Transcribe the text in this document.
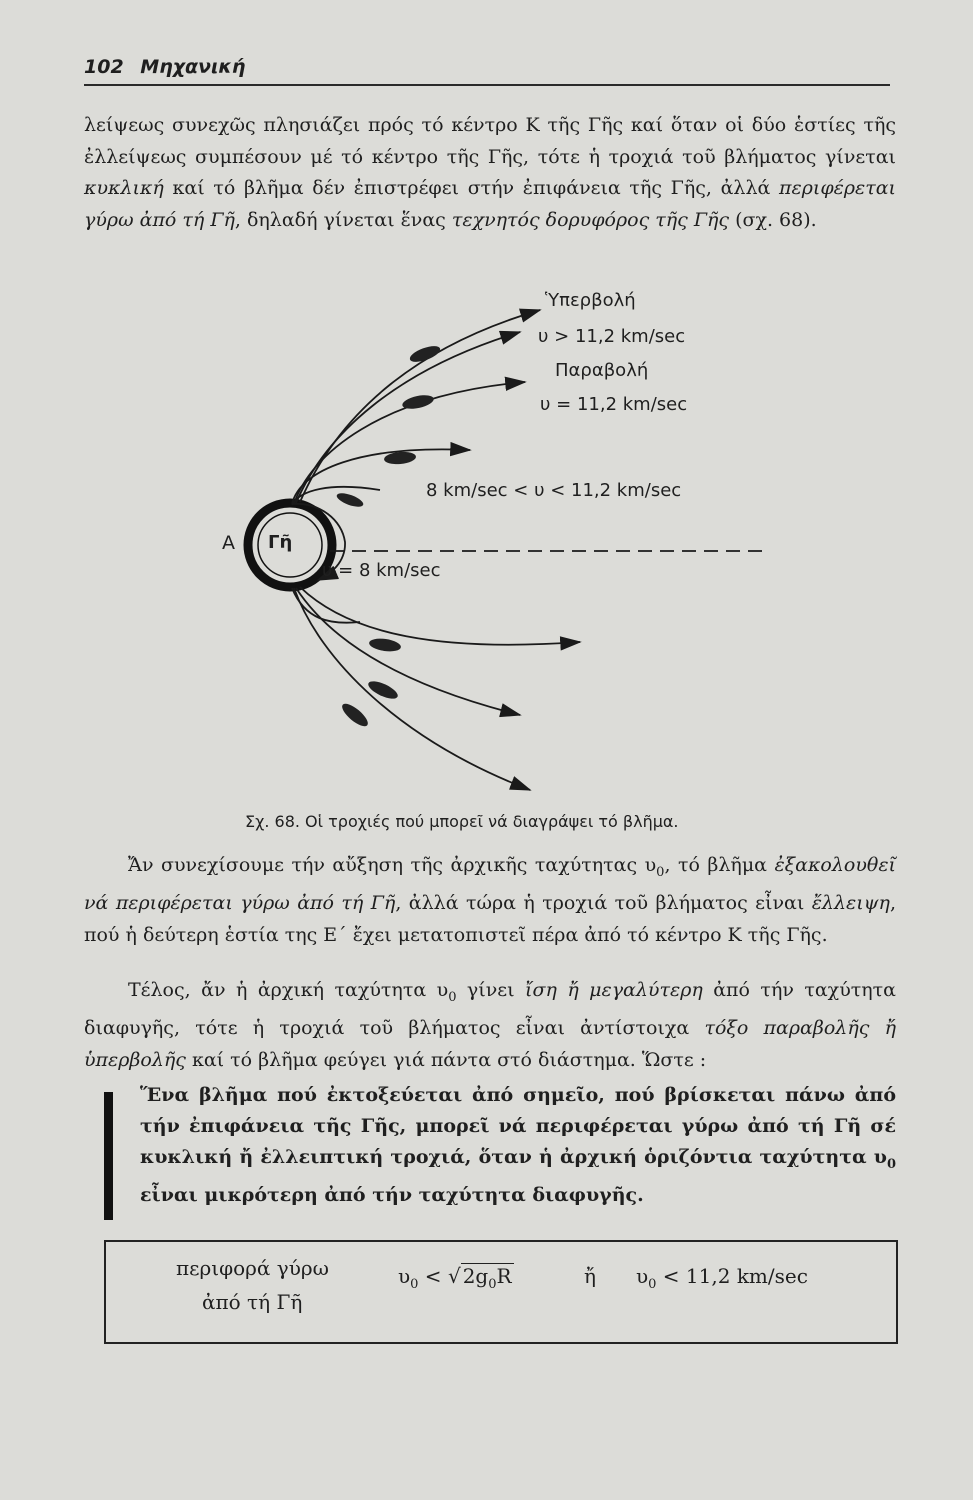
102 Μηχανική

λείψεως συνεχῶς πλησιάζει πρός τό κέντρο Κ τῆς Γῆς καί ὅταν οἱ δύο ἑστίες τῆς ἐλλείψεως συμπέσουν μέ τό κέντρο τῆς Γῆς, τότε ἡ τροχιά τοῦ βλήματος γίνεται κυκλική καί τό βλῆμα δέν ἐπιστρέφει στήν ἐπιφάνεια τῆς Γῆς, ἀλλά περιφέρεται γύρω ἀπό τή Γῆ, δηλαδή γίνεται ἕνας τεχνητός δορυφόρος τῆς Γῆς (σχ. 68).

A Γῆ
Ὑπερβολή
υ > 11,2 km/sec
Παραβολή
υ = 11,2 km/sec
8 km/sec < υ < 11,2 km/sec
υ = 8 km/sec
Σχ. 68. Οἱ τροχιές πού μπορεῖ νά διαγράψει τό βλῆμα.

Ἄν συνεχίσουμε τήν αὔξηση τῆς ἀρχικῆς ταχύτητας $\upsilon_0$, τό βλῆμα ἐξακολουθεῖ νά περιφέρεται γύρω ἀπό τή Γῆ, ἀλλά τώρα ἡ τροχιά τοῦ βλήματος εἶναι ἔλλειψη, πού ἡ δεύτερη ἑστία της Ε΄ ἔχει μετατοπιστεῖ πέρα ἀπό τό κέντρο Κ τῆς Γῆς.

Τέλος, ἄν ἡ ἀρχική ταχύτητα $\upsilon_0$ γίνει ἴση ἤ μεγαλύτερη ἀπό τήν ταχύτητα διαφυγῆς, τότε ἡ τροχιά τοῦ βλήματος εἶναι ἀντίστοιχα τόξο παραβολῆς ἤ ὑπερβολῆς καί τό βλῆμα φεύγει γιά πάντα στό διάστημα. Ὥστε :

Ἕνα βλῆμα πού ἐκτοξεύεται ἀπό σημεῖο, πού βρίσκεται πάνω ἀπό τήν ἐπιφάνεια τῆς Γῆς, μπορεῖ νά περιφέρεται γύρω ἀπό τή Γῆ σέ κυκλική ἤ ἐλλειπτική τροχιά, ὅταν ἡ ἀρχική ὁριζόντια ταχύτητα $\upsilon_0$ εἶναι μικρότερη ἀπό τήν ταχύτητα διαφυγῆς.
περιφορά γύρω
ἀπό τή Γῆ
$\upsilon_0$ < √ $2g_0R$	ἤ $\upsilon_0 < 11,2$ km/sec
